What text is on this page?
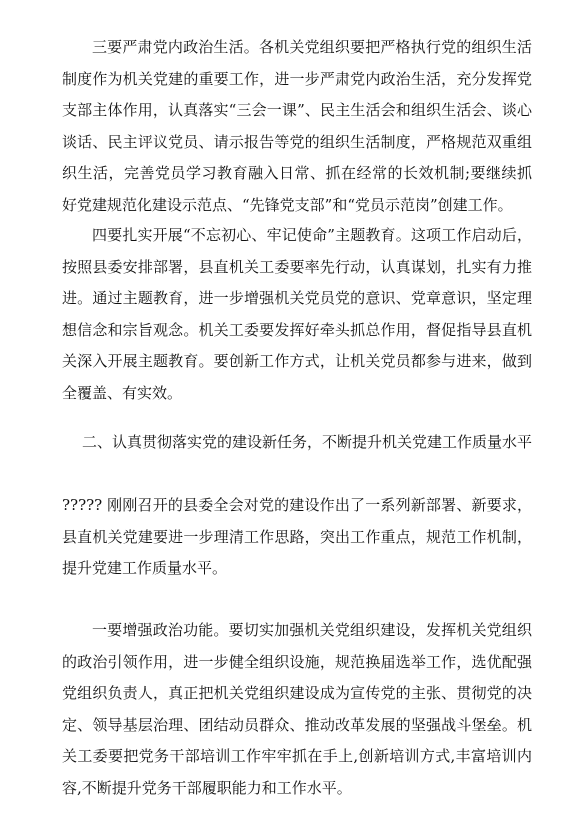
三要严肃党内政治生活。各机关党组织要把严格执行党的组织生活制度作为机关党建的重要工作，进一步严肃党内政治生活，充分发挥党支部主体作用，认真落实“三会一课”、民主生活会和组织生活会、谈心谈话、民主评议党员、请示报告等党的组织生活制度，严格规范双重组织生活，完善党员学习教育融入日常、抓在经常的长效机制;要继续抓好党建规范化建设示范点、“先锋党支部”和“党员示范岗”创建工作。

四要扎实开展“不忘初心、牢记使命”主题教育。这项工作启动后，按照县委安排部署，县直机关工委要率先行动，认真谋划，扎实有力推进。通过主题教育，进一步增强机关党员党的意识、党章意识，坚定理想信念和宗旨观念。机关工委要发挥好牵头抓总作用，督促指导县直机关深入开展主题教育。要创新工作方式，让机关党员都参与进来，做到全覆盖、有实效。

二、认真贯彻落实党的建设新任务，不断提升机关党建工作质量水平

????? 刚刚召开的县委全会对党的建设作出了一系列新部署、新要求，县直机关党建要进一步理清工作思路，突出工作重点，规范工作机制，提升党建工作质量水平。

一要增强政治功能。要切实加强机关党组织建设，发挥机关党组织的政治引领作用，进一步健全组织设施，规范换届选举工作，选优配强党组织负责人，真正把机关党组织建设成为宣传党的主张、贯彻党的决定、领导基层治理、团结动员群众、推动改革发展的坚强战斗堡垒。机关工委要把党务干部培训工作牢牢抓在手上,创新培训方式,丰富培训内容,不断提升党务干部履职能力和工作水平。
